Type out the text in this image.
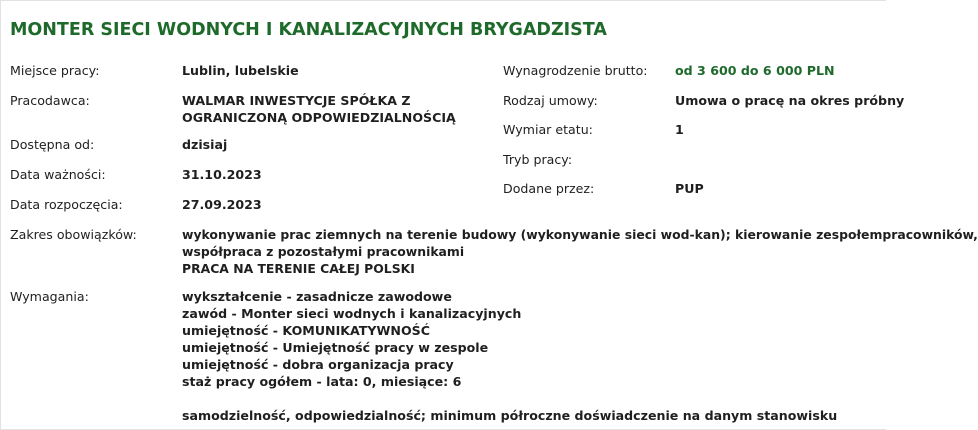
MONTER SIECI WODNYCH I KANALIZACYJNYCH BRYGADZISTA
Miejsce pracy:	Lublin, lubelskie
Pracodawca:	WALMAR INWESTYCJE SPÓŁKA Z
OGRANICZONĄ ODPOWIEDZIALNOŚCIĄ
Dostępna od:	dzisiaj
Data ważności:	31.10.2023
Data rozpoczęcia:	27.09.2023
Wynagrodzenie brutto: od 3 600 do 6 000 PLN
Rodzaj umowy:	Umowa o pracę na okres próbny
Wymiar etatu:	1
Tryb pracy:
Dodane przez:	PUP
Zakres obowiązków:	wykonywanie prac ziemnych na terenie budowy (wykonywanie sieci wod-kan); kierowanie zespołempracowników,
współpraca z pozostałymi pracownikami
PRACA NA TERENIE CAŁEJ POLSKI
Wymagania:	wykształcenie - zasadnicze zawodowe
zawód - Monter sieci wodnych i kanalizacyjnych
umiejętność - KOMUNIKATYWNOŚĆ
umiejętność - Umiejętność pracy w zespole
umiejętność - dobra organizacja pracy
staż pracy ogółem - lata: 0, miesiące: 6
samodzielność, odpowiedzialność; minimum półroczne doświadczenie na danym stanowisku
